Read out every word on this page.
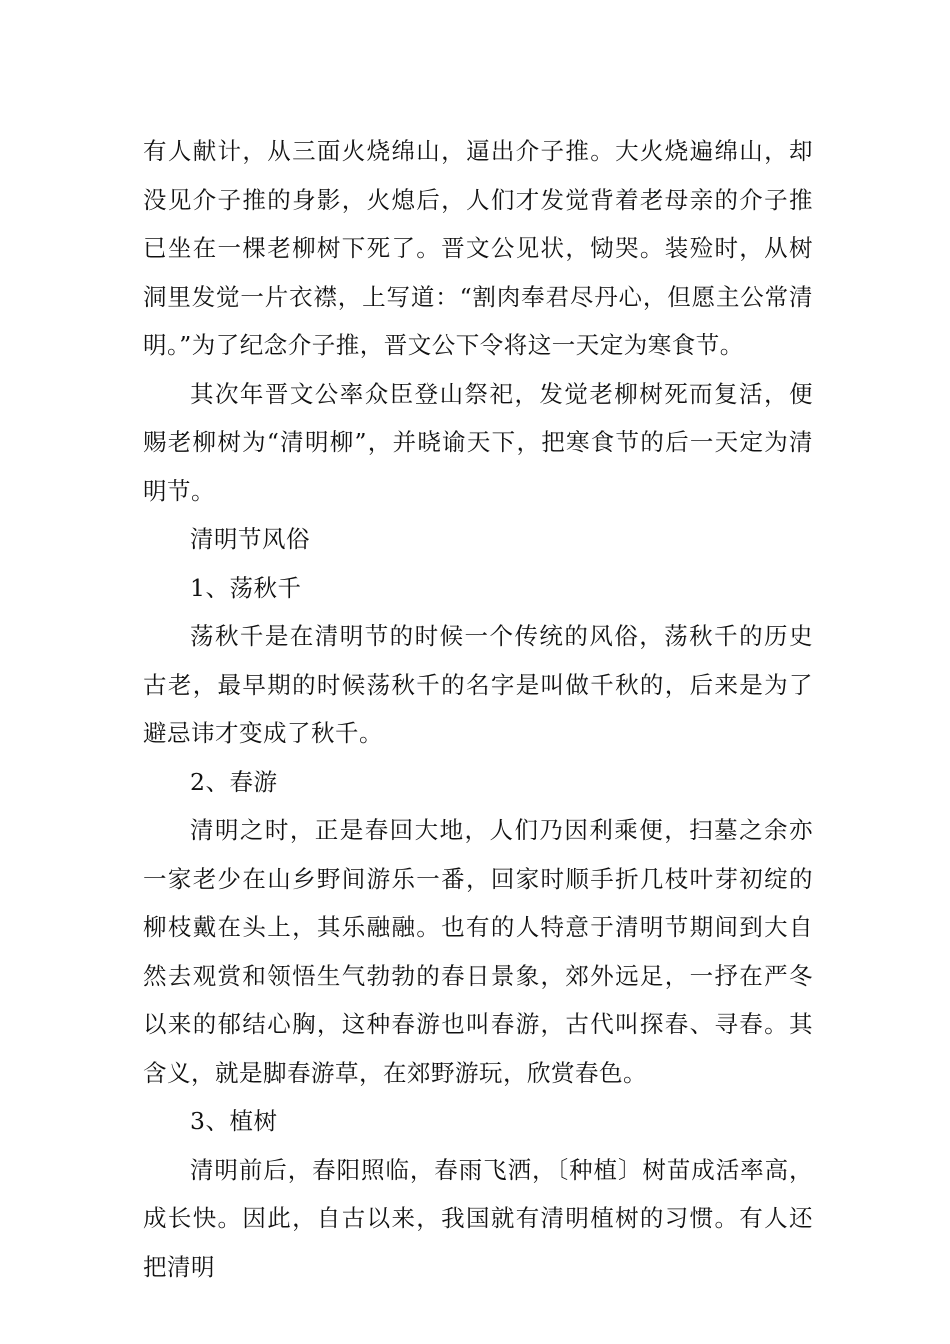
有人献计，从三面火烧绵山，逼出介子推。大火烧遍绵山，却没见介子推的身影，火熄后，人们才发觉背着老母亲的介子推已坐在一棵老柳树下死了。晋文公见状，恸哭。装殓时，从树洞里发觉一片衣襟，上写道：“割肉奉君尽丹心，但愿主公常清明。”为了纪念介子推，晋文公下令将这一天定为寒食节。

其次年晋文公率众臣登山祭祀，发觉老柳树死而复活，便赐老柳树为“清明柳”，并晓谕天下，把寒食节的后一天定为清明节。

清明节风俗

1、荡秋千

荡秋千是在清明节的时候一个传统的风俗，荡秋千的历史古老，最早期的时候荡秋千的名字是叫做千秋的，后来是为了避忌讳才变成了秋千。

2、春游

清明之时，正是春回大地，人们乃因利乘便，扫墓之余亦一家老少在山乡野间游乐一番，回家时顺手折几枝叶芽初绽的柳枝戴在头上，其乐融融。也有的人特意于清明节期间到大自然去观赏和领悟生气勃勃的春日景象，郊外远足，一抒在严冬以来的郁结心胸，这种春游也叫春游，古代叫探春、寻春。其含义，就是脚春游草，在郊野游玩，欣赏春色。

3、植树

清明前后，春阳照临，春雨飞洒，〔种植〕树苗成活率高，成长快。因此，自古以来，我国就有清明植树的习惯。有人还把清明
